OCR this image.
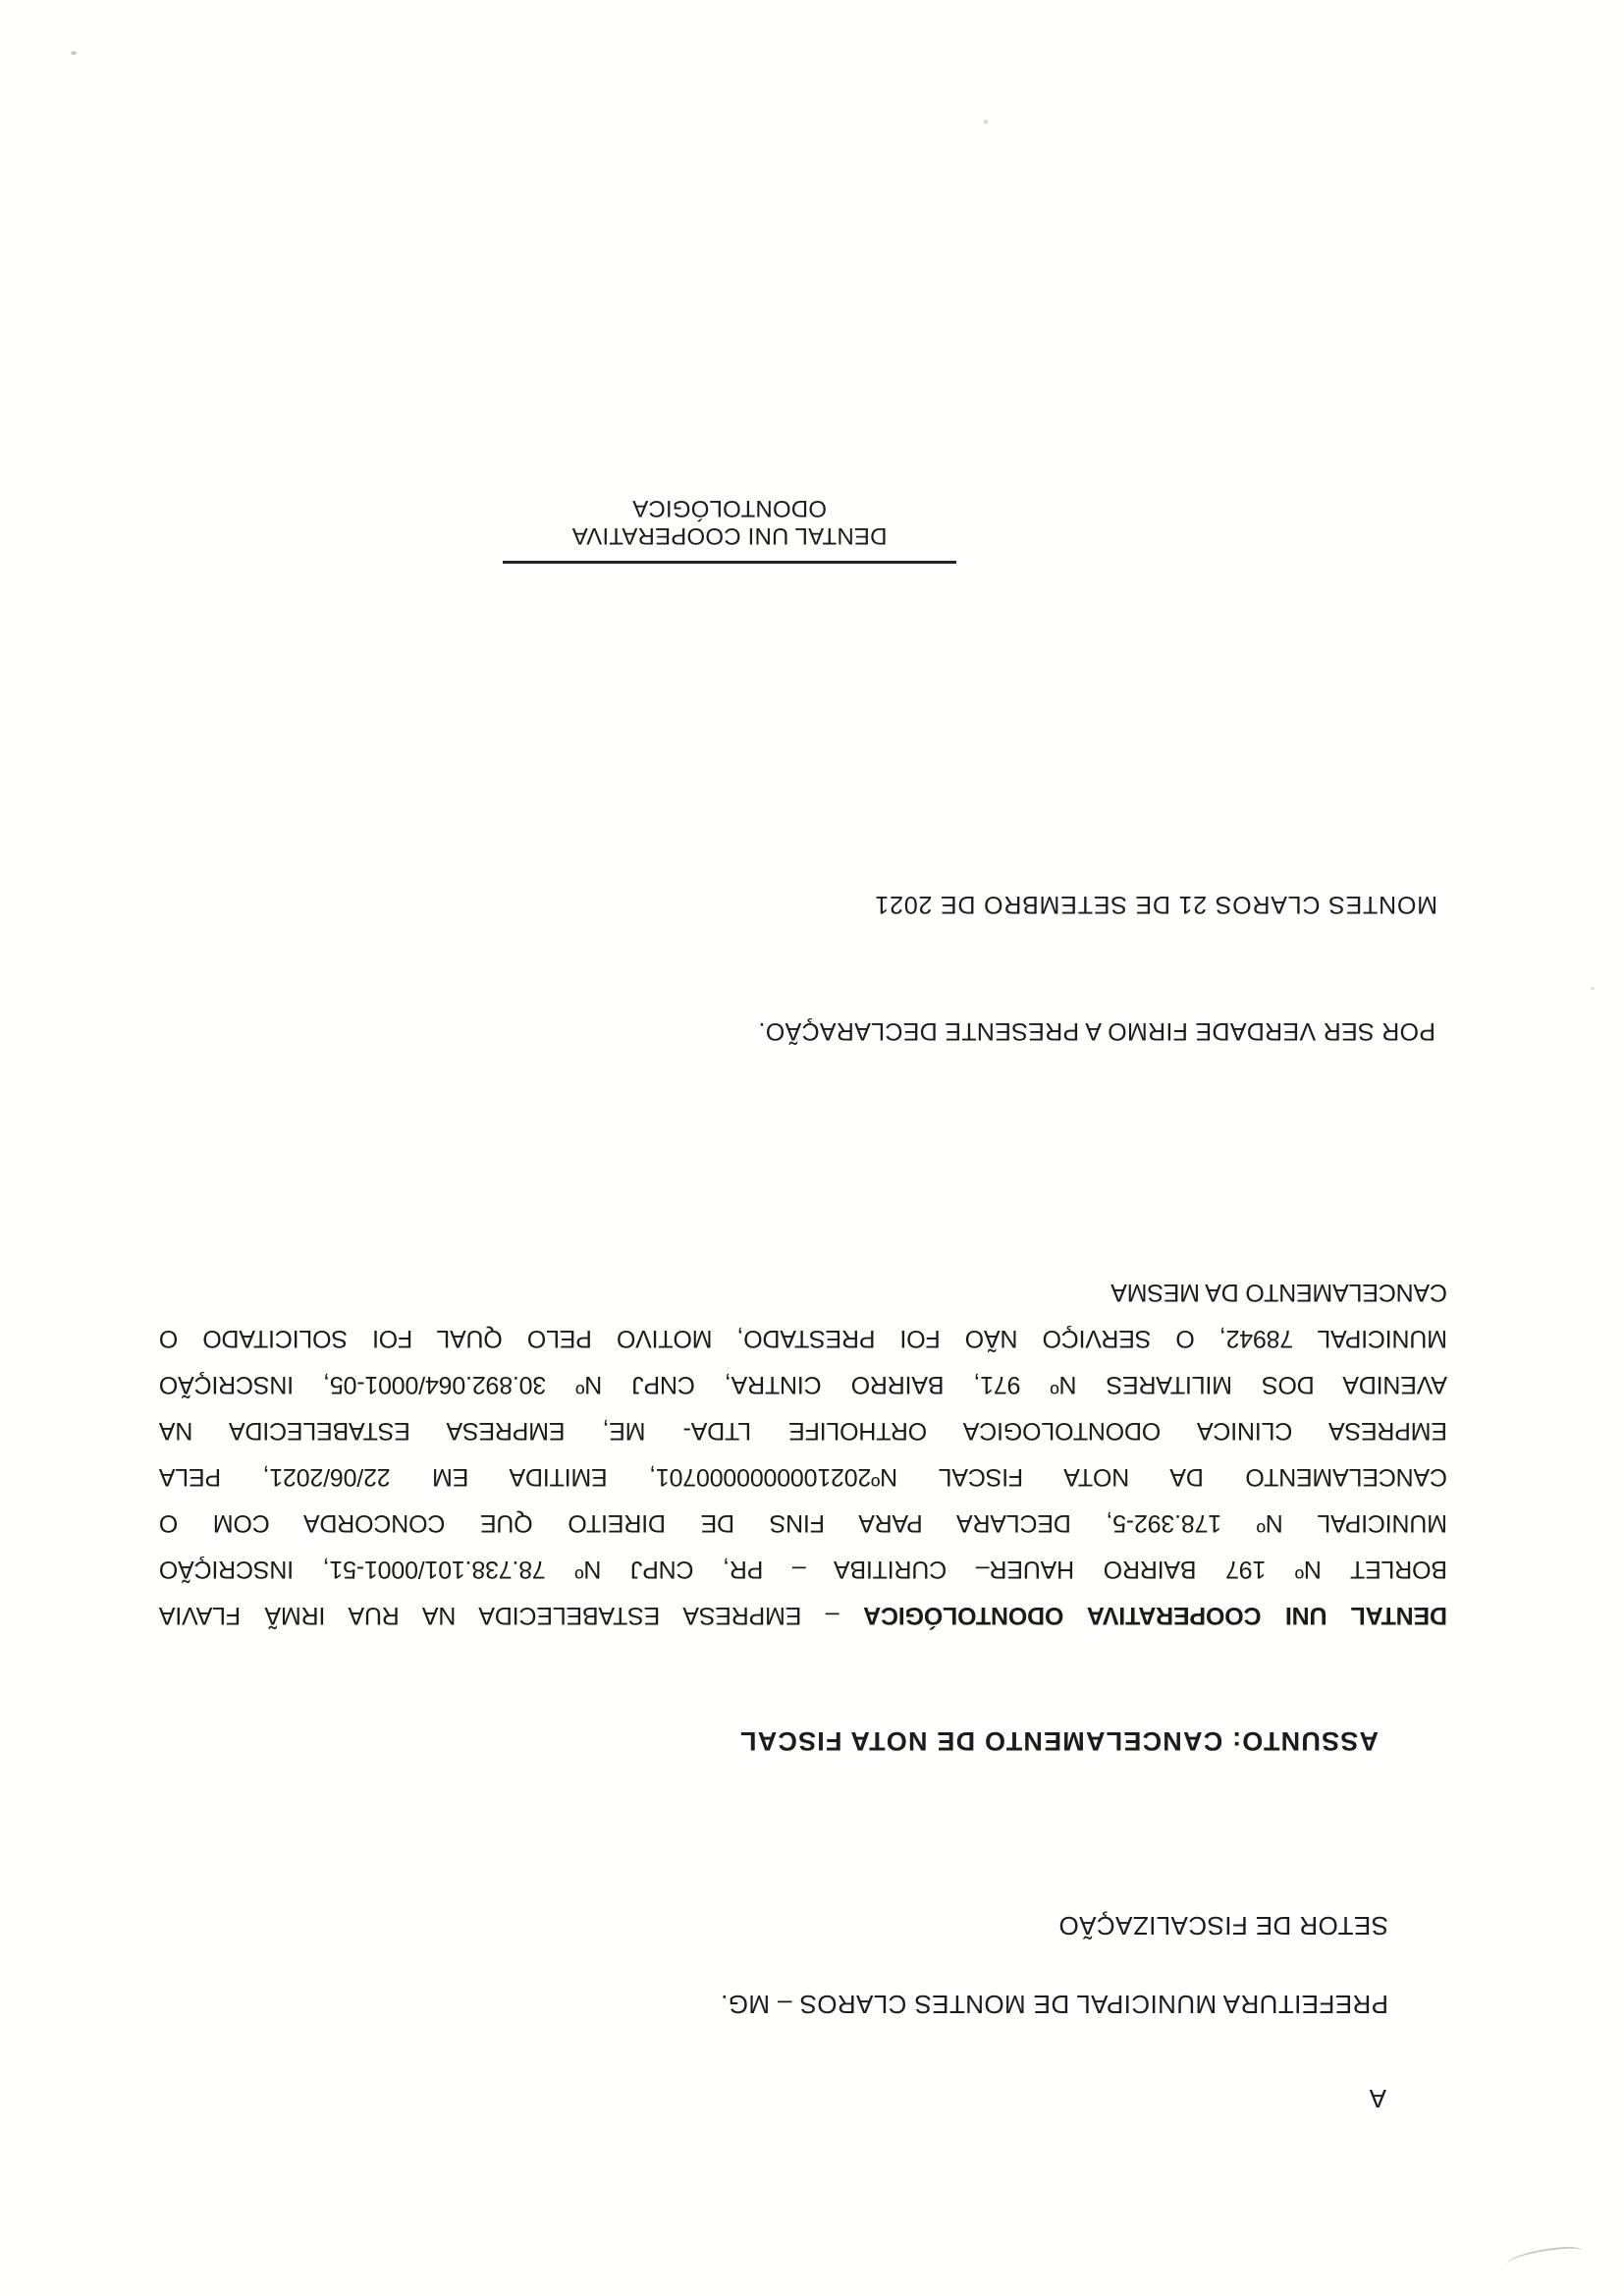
A
PREFEITURA MUNICIPAL DE MONTES CLAROS – MG.
SETOR DE FISCALIZAÇÃO
ASSUNTO: CANCELAMENTO DE NOTA FISCAL
DENTAL UNI COOPERATIVA ODONTOLÓGICA – EMPRESA ESTABELECIDA NA RUA IRMÃ FLAVIA
BORLET Nº 197 BAIRRO HAUER– CURITIBA – PR, CNPJ Nº 78.738.101/0001-51, INSCRIÇÃO
MUNICIPAL Nº 178.392-5, DECLARA PARA FINS DE DIREITO QUE CONCORDA COM O
CANCELAMENTO DA NOTA FISCAL Nº2021000000000701, EMITIDA EM 22/06/2021, PELA
EMPRESA CLINICA ODONTOLOGICA ORTHOLIFE LTDA- ME, EMPRESA ESTABELECIDA NA
AVENIDA DOS MILITARES Nº 971, BAIRRO CINTRA, CNPJ Nº 30.892.064/0001-05, INSCRIÇÃO
MUNICIPAL 78942, O SERVIÇO NÃO FOI PRESTADO, MOTIVO PELO QUAL FOI SOLICITADO O
CANCELAMENTO DA MESMA
POR SER VERDADE FIRMO A PRESENTE DECLARAÇÃO.
MONTES CLAROS 21 DE SETEMBRO DE 2021
DENTAL UNI COOPERATIVA ODONTOLÓGICA
